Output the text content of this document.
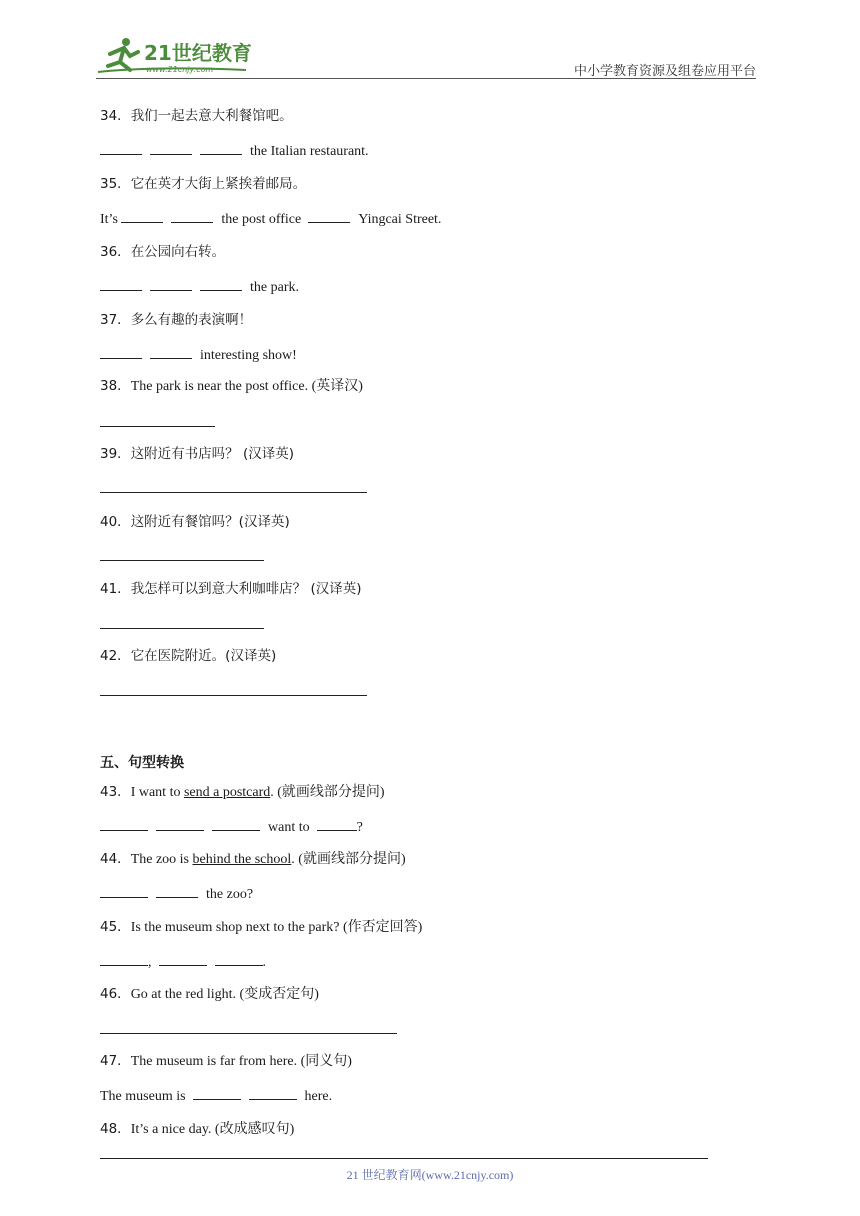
21世纪教育
www.21cnjy.com	中小学教育资源及组卷应用平台
34．我们一起去意大利餐馆吧。
the Italian restaurant.
35．它在英才大街上紧挨着邮局。
It’s	the post office	Yingcai Street.
36．在公园向右转。
the park.
37．多么有趣的表演啊！
interesting show!
38．The park is near the post office. (英译汉)
39．这附近有书店吗？ (汉译英)
40．这附近有餐馆吗？(汉译英)
41．我怎样可以到意大利咖啡店？ (汉译英)
42．它在医院附近。(汉译英)
五、句型转换
43．I want to send a postcard. (就画线部分提问)
want to	?
44．The zoo is behind the school. (就画线部分提问)
the zoo?
45．Is the museum shop next to the park? (作否定回答)
,	.
46．Go at the red light. (变成否定句)
47．The museum is far from here. (同义句)
The museum is	here.
48．It’s a nice day. (改成感叹句)
21 世纪教育网(www.21cnjy.com)
